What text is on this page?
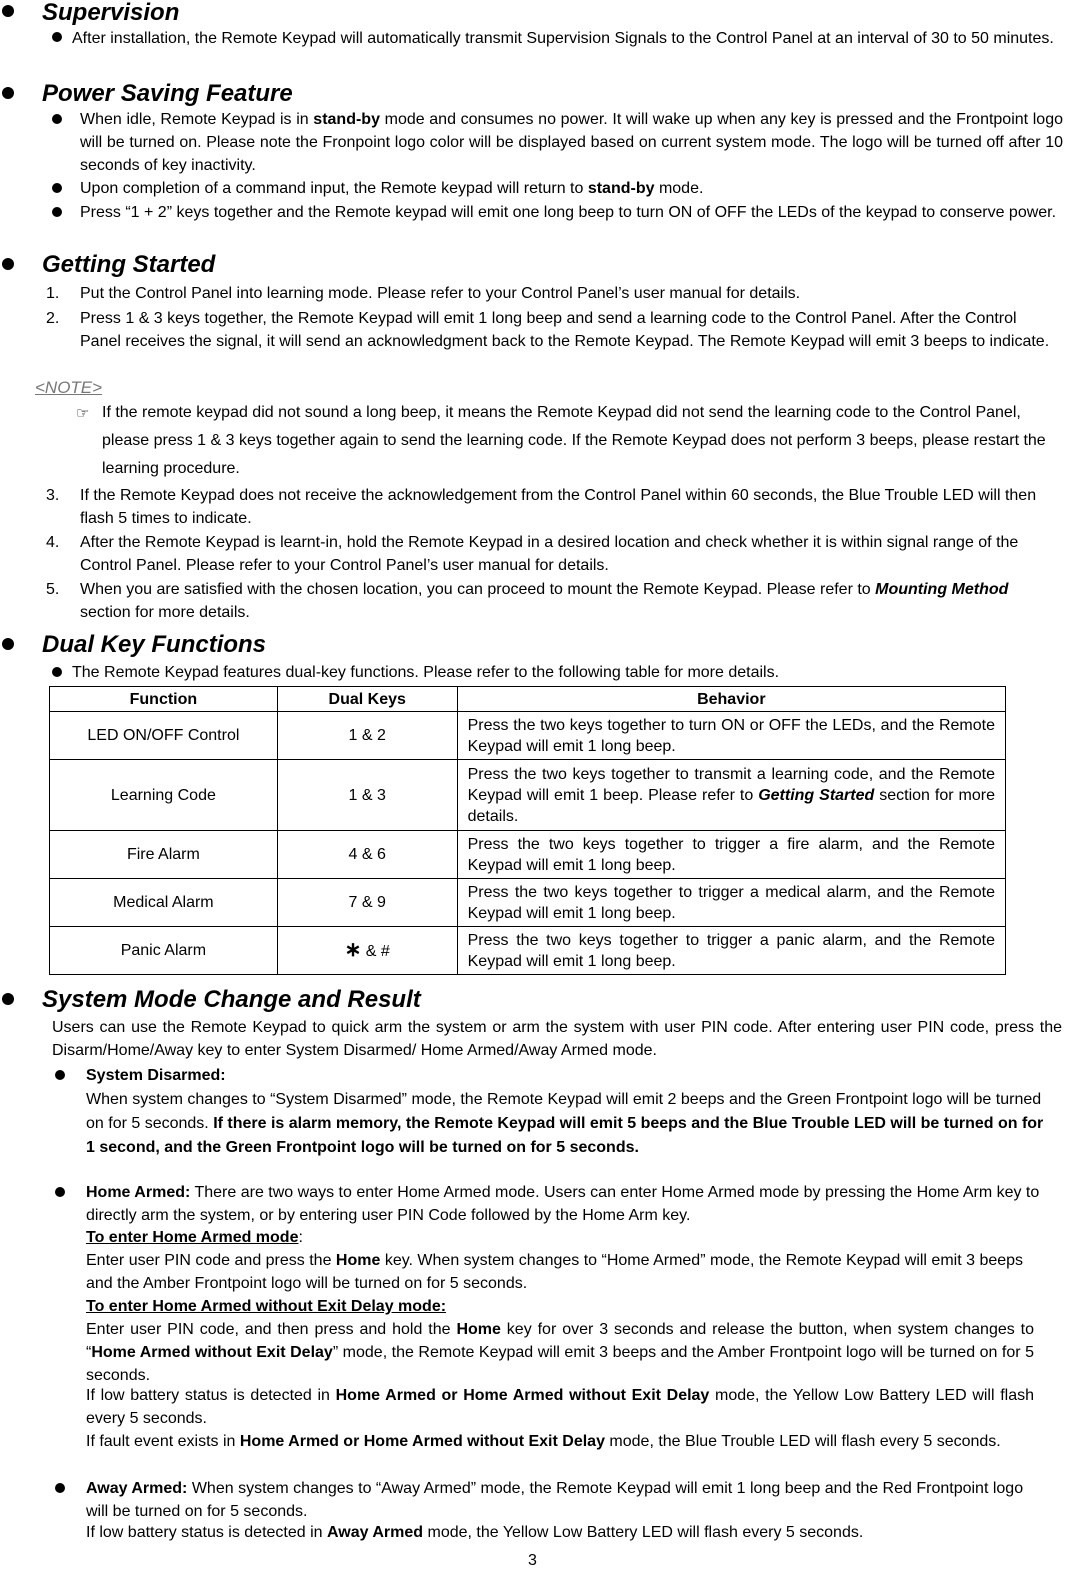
Supervision
After installation, the Remote Keypad will automatically transmit Supervision Signals to the Control Panel at an interval of 30 to 50 minutes.
Power Saving Feature
When idle, Remote Keypad is in stand-by mode and consumes no power. It will wake up when any key is pressed and the Frontpoint logo will be turned on. Please note the Fronpoint logo color will be displayed based on current system mode. The logo will be turned off after 10 seconds of key inactivity.
Upon completion of a command input, the Remote keypad will return to stand-by mode.
Press “1 + 2” keys together and the Remote keypad will emit one long beep to turn ON of OFF the LEDs of the keypad to conserve power.
Getting Started
1. Put the Control Panel into learning mode. Please refer to your Control Panel’s user manual for details.
2. Press 1 & 3 keys together, the Remote Keypad will emit 1 long beep and send a learning code to the Control Panel. After the Control Panel receives the signal, it will send an acknowledgment back to the Remote Keypad. The Remote Keypad will emit 3 beeps to indicate.
<NOTE>
☞ If the remote keypad did not sound a long beep, it means the Remote Keypad did not send the learning code to the Control Panel, please press 1 & 3 keys together again to send the learning code. If the Remote Keypad does not perform 3 beeps, please restart the learning procedure.
3. If the Remote Keypad does not receive the acknowledgement from the Control Panel within 60 seconds, the Blue Trouble LED will then flash 5 times to indicate.
4. After the Remote Keypad is learnt-in, hold the Remote Keypad in a desired location and check whether it is within signal range of the Control Panel. Please refer to your Control Panel’s user manual for details.
5. When you are satisfied with the chosen location, you can proceed to mount the Remote Keypad. Please refer to Mounting Method section for more details.
Dual Key Functions
The Remote Keypad features dual-key functions. Please refer to the following table for more details.
Function	Dual Keys	Behavior
LED ON/OFF Control	1 & 2	Press the two keys together to turn ON or OFF the LEDs, and the Remote Keypad will emit 1 long beep.
Learning Code	1 & 3	Press the two keys together to transmit a learning code, and the Remote Keypad will emit 1 beep. Please refer to Getting Started section for more details.
Fire Alarm	4 & 6	Press the two keys together to trigger a fire alarm, and the Remote Keypad will emit 1 long beep.
Medical Alarm	7 & 9	Press the two keys together to trigger a medical alarm, and the Remote Keypad will emit 1 long beep.
Panic Alarm	∗ & #	Press the two keys together to trigger a panic alarm, and the Remote Keypad will emit 1 long beep.
System Mode Change and Result
Users can use the Remote Keypad to quick arm the system or arm the system with user PIN code. After entering user PIN code, press the Disarm/Home/Away key to enter System Disarmed/ Home Armed/Away Armed mode.
System Disarmed:
When system changes to “System Disarmed” mode, the Remote Keypad will emit 2 beeps and the Green Frontpoint logo will be turned on for 5 seconds. If there is alarm memory, the Remote Keypad will emit 5 beeps and the Blue Trouble LED will be turned on for 1 second, and the Green Frontpoint logo will be turned on for 5 seconds.
Home Armed: There are two ways to enter Home Armed mode. Users can enter Home Armed mode by pressing the Home Arm key to directly arm the system, or by entering user PIN Code followed by the Home Arm key.
To enter Home Armed mode:
Enter user PIN code and press the Home key. When system changes to “Home Armed” mode, the Remote Keypad will emit 3 beeps and the Amber Frontpoint logo will be turned on for 5 seconds.
To enter Home Armed without Exit Delay mode:
Enter user PIN code, and then press and hold the Home key for over 3 seconds and release the button, when system changes to “Home Armed without Exit Delay” mode, the Remote Keypad will emit 3 beeps and the Amber Frontpoint logo will be turned on for 5 seconds.
If low battery status is detected in Home Armed or Home Armed without Exit Delay mode, the Yellow Low Battery LED will flash every 5 seconds.
If fault event exists in Home Armed or Home Armed without Exit Delay mode, the Blue Trouble LED will flash every 5 seconds.
Away Armed: When system changes to “Away Armed” mode, the Remote Keypad will emit 1 long beep and the Red Frontpoint logo will be turned on for 5 seconds.
If low battery status is detected in Away Armed mode, the Yellow Low Battery LED will flash every 5 seconds.
3
